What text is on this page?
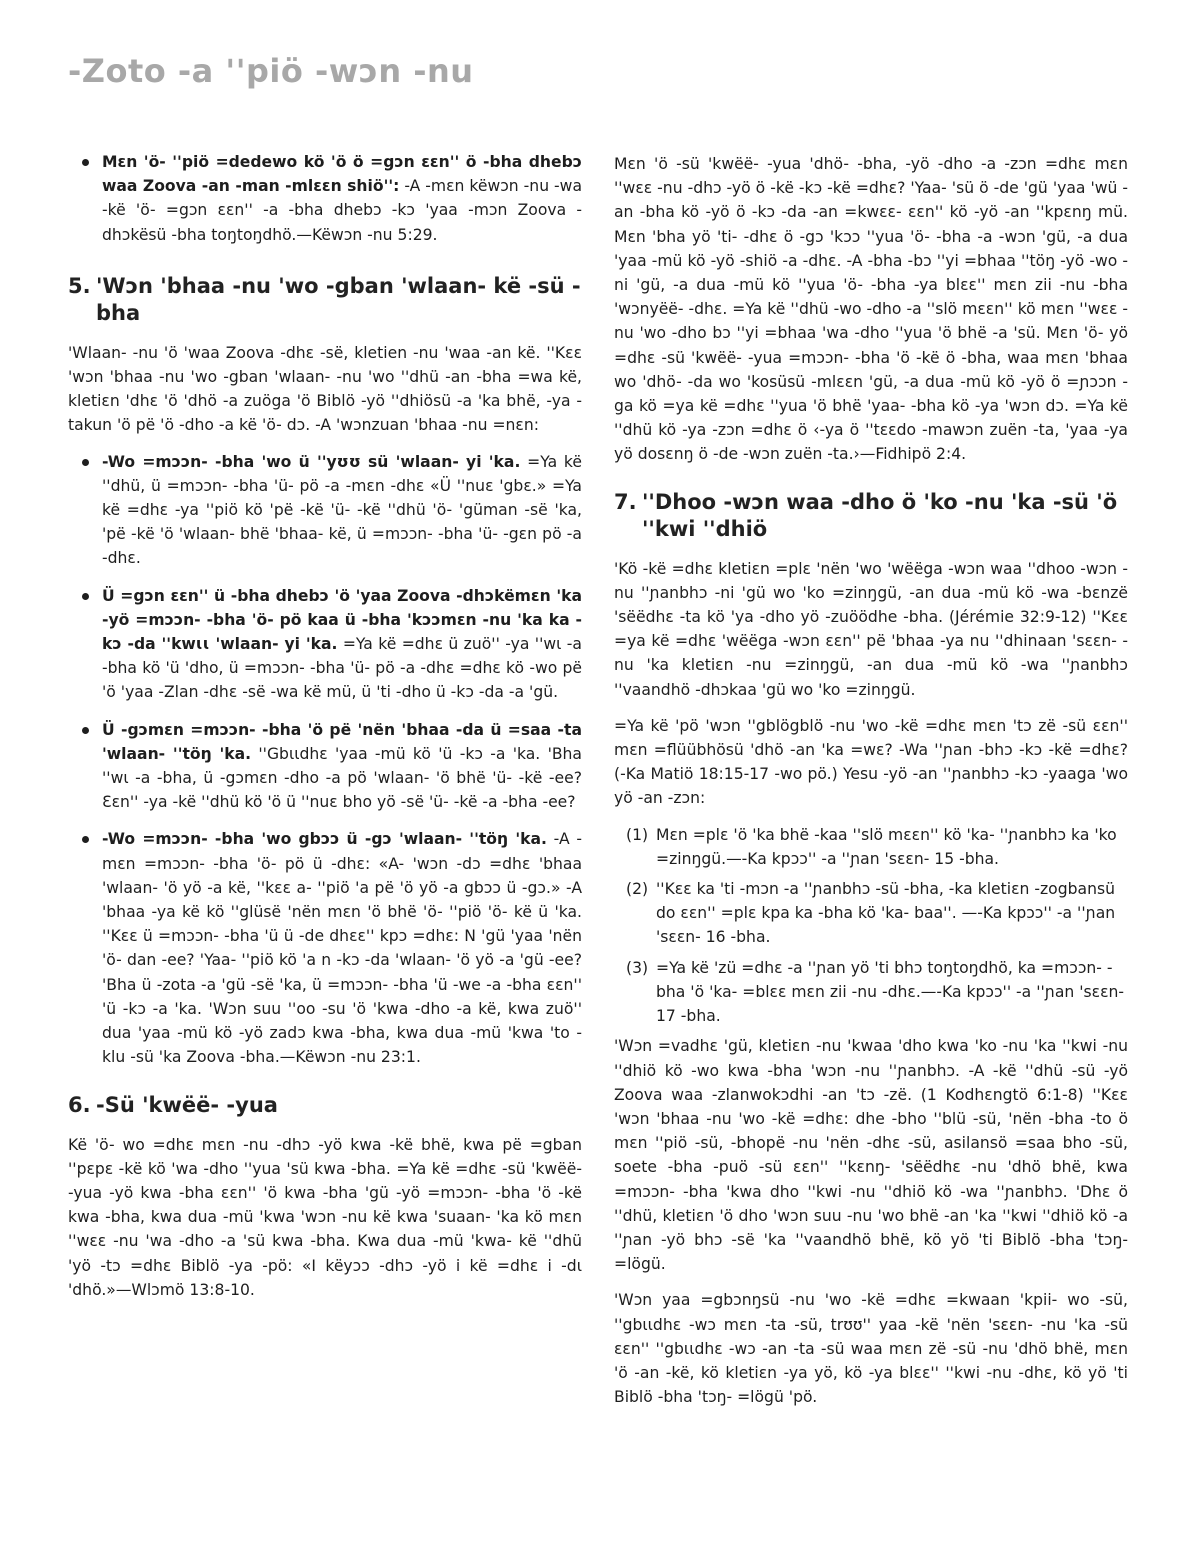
-Zoto -a ''piö -wɔn -nu
Mɛn 'ö- ''piö =dedewo kö 'ö ö =gɔn ɛɛn'' ö -bha dhebɔ waa Zoova -an -man -mlɛɛn shiö'': -A -mɛn këwɔn -nu -wa -kë 'ö- =gɔn ɛɛn'' -a -bha dhebɔ -kɔ 'yaa -mɔn Zoova -dhɔkësü -bha toŋtoŋdhö.—Këwɔn -nu 5:29.
5. 'Wɔn 'bhaa -nu 'wo -gban 'wlaan- kë -sü -bha

'Wlaan- -nu 'ö 'waa Zoova -dhɛ -së, kletien -nu 'waa -an kë. ''Kɛɛ 'wɔn 'bhaa -nu 'wo -gban 'wlaan- -nu 'wo ''dhü -an -bha =wa kë, kletiɛn 'dhɛ 'ö 'dhö -a zuöga 'ö Biblö -yö ''dhiösü -a 'ka bhë, -ya -takun 'ö pë 'ö -dho -a kë 'ö- dɔ. -A 'wɔnzuan 'bhaa -nu =nɛn:

-Wo =mɔɔn- -bha 'wo ü ''yʊʊ sü 'wlaan- yi 'ka. =Ya kë ''dhü, ü =mɔɔn- -bha 'ü- pö -a -mɛn -dhɛ «Ü ''nuɛ 'gbɛ.» =Ya kë =dhɛ -ya ''piö kö 'pë -kë 'ü- -kë ''dhü 'ö- 'güman -së 'ka, 'pë -kë 'ö 'wlaan- bhë 'bhaa- kë, ü =mɔɔn- -bha 'ü- -gɛn pö -a -dhɛ.
Ü =gɔn ɛɛn'' ü -bha dhebɔ 'ö 'yaa Zoova -dhɔkëmɛn 'ka -yö =mɔɔn- -bha 'ö- pö kaa ü -bha 'kɔɔmɛn -nu 'ka ka -kɔ -da ''kwɩɩ 'wlaan- yi 'ka. =Ya kë =dhɛ ü zuö'' -ya ''wɩ -a -bha kö 'ü 'dho, ü =mɔɔn- -bha 'ü- pö -a -dhɛ =dhɛ kö -wo pë 'ö 'yaa -Zlan -dhɛ -së -wa kë mü, ü 'ti -dho ü -kɔ -da -a 'gü.
Ü -gɔmɛn =mɔɔn- -bha 'ö pë 'nën 'bhaa -da ü =saa -ta 'wlaan- ''töŋ 'ka. ''Gbɩɩdhɛ 'yaa -mü kö 'ü -kɔ -a 'ka. 'Bha ''wɩ -a -bha, ü -gɔmɛn -dho -a pö 'wlaan- 'ö bhë 'ü- -kë -ee? Ɛɛn'' -ya -kë ''dhü kö 'ö ü ''nuɛ bho yö -së 'ü- -kë -a -bha -ee?
-Wo =mɔɔn- -bha 'wo gbɔɔ ü -gɔ 'wlaan- ''töŋ 'ka. -A -mɛn =mɔɔn- -bha 'ö- pö ü -dhɛ: «A- 'wɔn -dɔ =dhɛ 'bhaa 'wlaan- 'ö yö -a kë, ''kɛɛ a- ''piö 'a pë 'ö yö -a gbɔɔ ü -gɔ.» -A 'bhaa -ya kë kö ''glüsë 'nën mɛn 'ö bhë 'ö- ''piö 'ö- kë ü 'ka. ''Kɛɛ ü =mɔɔn- -bha 'ü ü -de dhɛɛ'' kpɔ =dhɛ: N 'gü 'yaa 'nën 'ö- dan -ee? 'Yaa- ''piö kö 'a n -kɔ -da 'wlaan- 'ö yö -a 'gü -ee? 'Bha ü -zota -a 'gü -së 'ka, ü =mɔɔn- -bha 'ü -we -a -bha ɛɛn'' 'ü -kɔ -a 'ka. 'Wɔn suu ''oo -su 'ö 'kwa -dho -a kë, kwa zuö'' dua 'yaa -mü kö -yö zadɔ kwa -bha, kwa dua -mü 'kwa 'to -klu -sü 'ka Zoova -bha.—Këwɔn -nu 23:1.
6. -Sü 'kwëë- -yua

Kë 'ö- wo =dhɛ mɛn -nu -dhɔ -yö kwa -kë bhë, kwa pë =gban ''pɛpɛ -kë kö 'wa -dho ''yua 'sü kwa -bha. =Ya kë =dhɛ -sü 'kwëë- -yua -yö kwa -bha ɛɛn'' 'ö kwa -bha 'gü -yö =mɔɔn- -bha 'ö -kë kwa -bha, kwa dua -mü 'kwa 'wɔn -nu kë kwa 'suaan- 'ka kö mɛn ''wɛɛ -nu 'wa -dho -a 'sü kwa -bha. Kwa dua -mü 'kwa- kë ''dhü 'yö -tɔ =dhɛ Biblö -ya -pö: «I këyɔɔ -dhɔ -yö i kë =dhɛ i -dɩ 'dhö.»—Wlɔmö 13:8-10.

Mɛn 'ö -sü 'kwëë- -yua 'dhö- -bha, -yö -dho -a -zɔn =dhɛ mɛn ''wɛɛ -nu -dhɔ -yö ö -kë -kɔ -kë =dhɛ? 'Yaa- 'sü ö -de 'gü 'yaa 'wü -an -bha kö -yö ö -kɔ -da -an =kwɛɛ- ɛɛn'' kö -yö -an ''kpɛnŋ mü. Mɛn 'bha yö 'ti- -dhɛ ö -gɔ 'kɔɔ ''yua 'ö- -bha -a -wɔn 'gü, -a dua 'yaa -mü kö -yö -shiö -a -dhɛ. -A -bha -bɔ ''yi =bhaa ''töŋ -yö -wo -ni 'gü, -a dua -mü kö ''yua 'ö- -bha -ya blɛɛ'' mɛn zii -nu -bha 'wɔnyëë- -dhɛ. =Ya kë ''dhü -wo -dho -a ''slö mɛɛn'' kö mɛn ''wɛɛ -nu 'wo -dho bɔ ''yi =bhaa 'wa -dho ''yua 'ö bhë -a 'sü. Mɛn 'ö- yö =dhɛ -sü 'kwëë- -yua =mɔɔn- -bha 'ö -kë ö -bha, waa mɛn 'bhaa wo 'dhö- -da wo 'kosüsü -mlɛɛn 'gü, -a dua -mü kö -yö ö =ɲɔɔn -ga kö =ya kë =dhɛ ''yua 'ö bhë 'yaa- -bha kö -ya 'wɔn dɔ. =Ya kë ''dhü kö -ya -zɔn =dhɛ ö ‹-ya ö ''tɛɛdo -mawɔn zuën -ta, 'yaa -ya yö dosɛnŋ ö -de -wɔn zuën -ta.›—Fidhipö 2:4.

7. ''Dhoo -wɔn waa -dho ö 'ko -nu 'ka -sü 'ö ''kwi ''dhiö

'Kö -kë =dhɛ kletiɛn =plɛ 'nën 'wo 'wëëga -wɔn waa ''dhoo -wɔn -nu ''ɲanbhɔ -ni 'gü wo 'ko =zinŋgü, -an dua -mü kö -wa -bɛnzë 'sëëdhɛ -ta kö 'ya -dho yö -zuöödhe -bha. (Jérémie 32:9-12) ''Kɛɛ =ya kë =dhɛ 'wëëga -wɔn ɛɛn'' pë 'bhaa -ya nu ''dhinaan 'sɛɛn- -nu 'ka kletiɛn -nu =zinŋgü, -an dua -mü kö -wa ''ɲanbhɔ ''vaandhö -dhɔkaa 'gü wo 'ko =zinŋgü.

=Ya kë 'pö 'wɔn ''gblögblö -nu 'wo -kë =dhɛ mɛn 'tɔ zë -sü ɛɛn'' mɛn =flüübhösü 'dhö -an 'ka =wɛ? -Wa ''ɲan -bhɔ -kɔ -kë =dhɛ? (-Ka Matiö 18:15-17 -wo pö.) Yesu -yö -an ''ɲanbhɔ -kɔ -yaaga 'wo yö -an -zɔn:

(1) Mɛn =plɛ 'ö 'ka bhë -kaa ''slö mɛɛn'' kö 'ka- ''ɲanbhɔ ka 'ko =zinŋgü.—-Ka kpɔɔ'' -a ''ɲan 'sɛɛn- 15 -bha.
(2) ''Kɛɛ ka 'ti -mɔn -a ''ɲanbhɔ -sü -bha, -ka kletiɛn -zogbansü do ɛɛn'' =plɛ kpa ka -bha kö 'ka- baa''. —-Ka kpɔɔ'' -a ''ɲan 'sɛɛn- 16 -bha.
(3) =Ya kë 'zü =dhɛ -a ''ɲan yö 'ti bhɔ toŋtoŋdhö, ka =mɔɔn- -bha 'ö 'ka- =blɛɛ mɛn zii -nu -dhɛ.—-Ka kpɔɔ'' -a ''ɲan 'sɛɛn- 17 -bha.

'Wɔn =vadhɛ 'gü, kletiɛn -nu 'kwaa 'dho kwa 'ko -nu 'ka ''kwi -nu ''dhiö kö -wo kwa -bha 'wɔn -nu ''ɲanbhɔ. -A -kë ''dhü -sü -yö Zoova waa -zlanwokɔdhi -an 'tɔ -zë. (1 Kodhɛngtö 6:1-8) ''Kɛɛ 'wɔn 'bhaa -nu 'wo -kë =dhɛ: dhe -bho ''blü -sü, 'nën -bha -to ö mɛn ''piö -sü, -bhopë -nu 'nën -dhɛ -sü, asilansö =saa bho -sü, soete -bha -puö -sü ɛɛn'' ''kɛnŋ- 'sëëdhɛ -nu 'dhö bhë, kwa =mɔɔn- -bha 'kwa dho ''kwi -nu ''dhiö kö -wa ''ɲanbhɔ. 'Dhɛ ö ''dhü, kletiɛn 'ö dho 'wɔn suu -nu 'wo bhë -an 'ka ''kwi ''dhiö kö -a ''ɲan -yö bhɔ -së 'ka ''vaandhö bhë, kö yö 'ti Biblö -bha 'tɔŋ- =lögü.

'Wɔn yaa =gbɔnŋsü -nu 'wo -kë =dhɛ =kwaan 'kpii- wo -sü, ''gbɩɩdhɛ -wɔ mɛn -ta -sü, trʊʊ'' yaa -kë 'nën 'sɛɛn- -nu 'ka -sü ɛɛn'' ''gbɩɩdhɛ -wɔ -an -ta -sü waa mɛn zë -sü -nu 'dhö bhë, mɛn 'ö -an -kë, kö kletiɛn -ya yö, kö -ya blɛɛ'' ''kwi -nu -dhɛ, kö yö 'ti Biblö -bha 'tɔŋ- =lögü 'pö.
